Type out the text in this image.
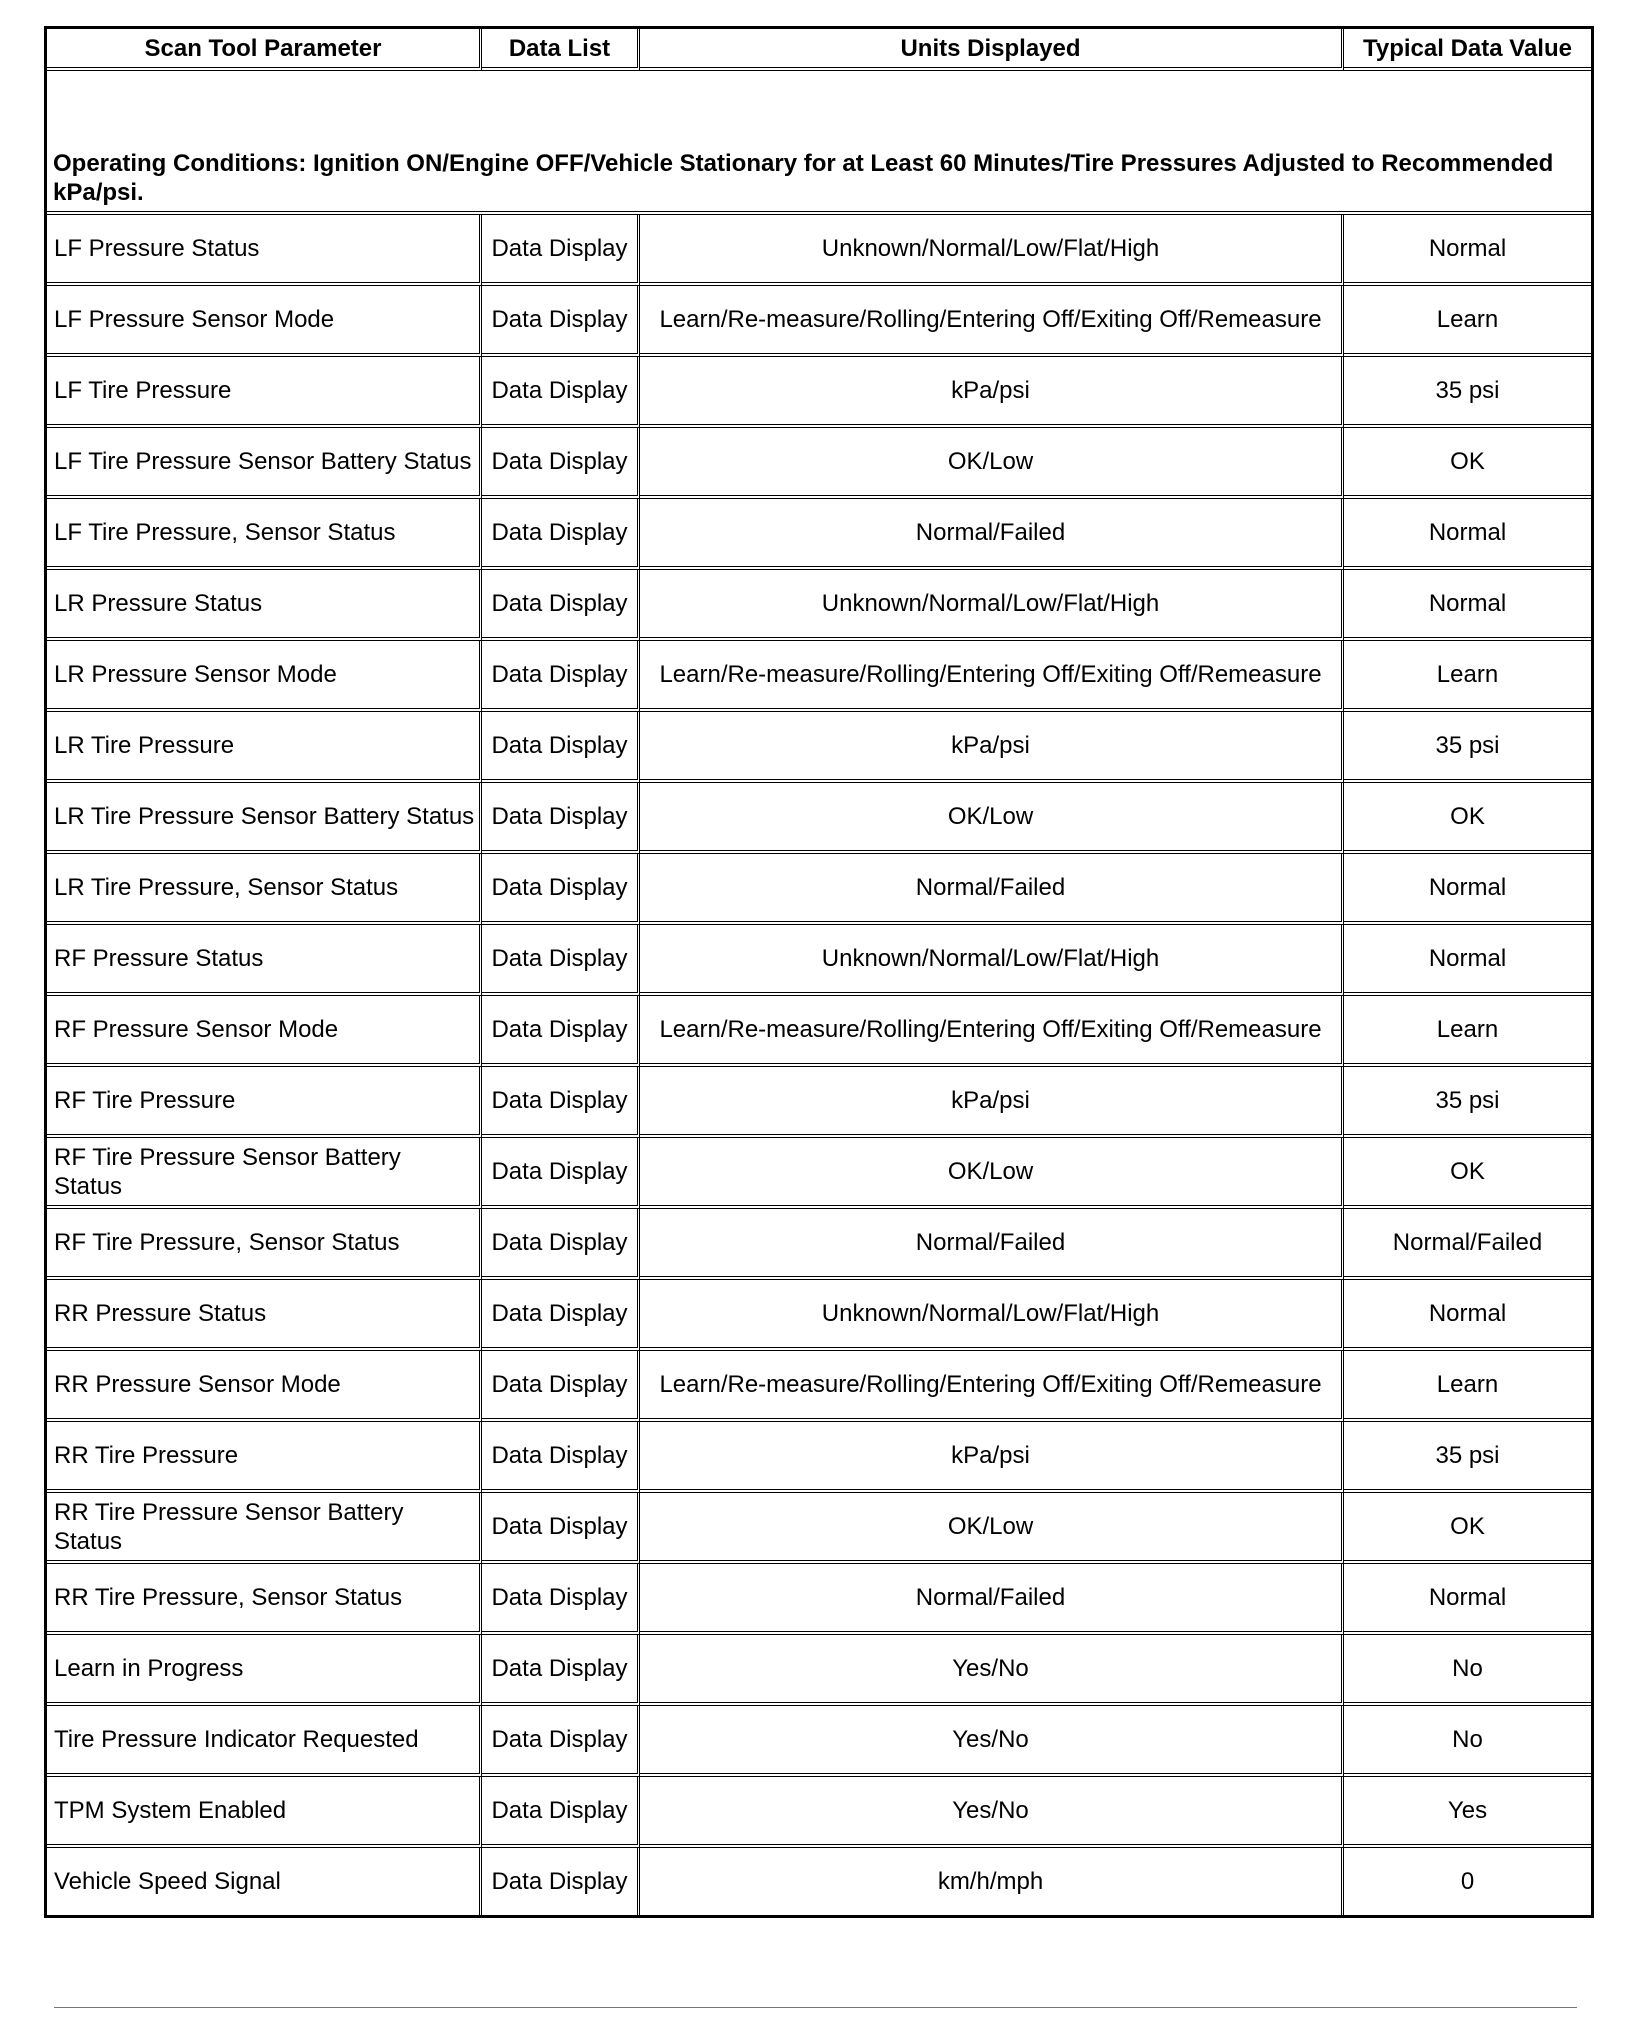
Scan Tool Parameter	Data List	Units Displayed	Typical Data Value
Operating Conditions: Ignition ON/Engine OFF/Vehicle Stationary for at Least 60 Minutes/Tire Pressures Adjusted to Recommended kPa/psi.			
LF Pressure Status	Data Display	Unknown/Normal/Low/Flat/High	Normal
LF Pressure Sensor Mode	Data Display	Learn/Re-measure/Rolling/Entering Off/Exiting Off/Remeasure	Learn
LF Tire Pressure	Data Display	kPa/psi	35 psi
LF Tire Pressure Sensor Battery Status	Data Display	OK/Low	OK
LF Tire Pressure, Sensor Status	Data Display	Normal/Failed	Normal
LR Pressure Status	Data Display	Unknown/Normal/Low/Flat/High	Normal
LR Pressure Sensor Mode	Data Display	Learn/Re-measure/Rolling/Entering Off/Exiting Off/Remeasure	Learn
LR Tire Pressure	Data Display	kPa/psi	35 psi
LR Tire Pressure Sensor Battery Status	Data Display	OK/Low	OK
LR Tire Pressure, Sensor Status	Data Display	Normal/Failed	Normal
RF Pressure Status	Data Display	Unknown/Normal/Low/Flat/High	Normal
RF Pressure Sensor Mode	Data Display	Learn/Re-measure/Rolling/Entering Off/Exiting Off/Remeasure	Learn
RF Tire Pressure	Data Display	kPa/psi	35 psi
RF Tire Pressure Sensor Battery Status	Data Display	OK/Low	OK
RF Tire Pressure, Sensor Status	Data Display	Normal/Failed	Normal/Failed
RR Pressure Status	Data Display	Unknown/Normal/Low/Flat/High	Normal
RR Pressure Sensor Mode	Data Display	Learn/Re-measure/Rolling/Entering Off/Exiting Off/Remeasure	Learn
RR Tire Pressure	Data Display	kPa/psi	35 psi
RR Tire Pressure Sensor Battery Status	Data Display	OK/Low	OK
RR Tire Pressure, Sensor Status	Data Display	Normal/Failed	Normal
Learn in Progress	Data Display	Yes/No	No
Tire Pressure Indicator Requested	Data Display	Yes/No	No
TPM System Enabled	Data Display	Yes/No	Yes
Vehicle Speed Signal	Data Display	km/h/mph	0
